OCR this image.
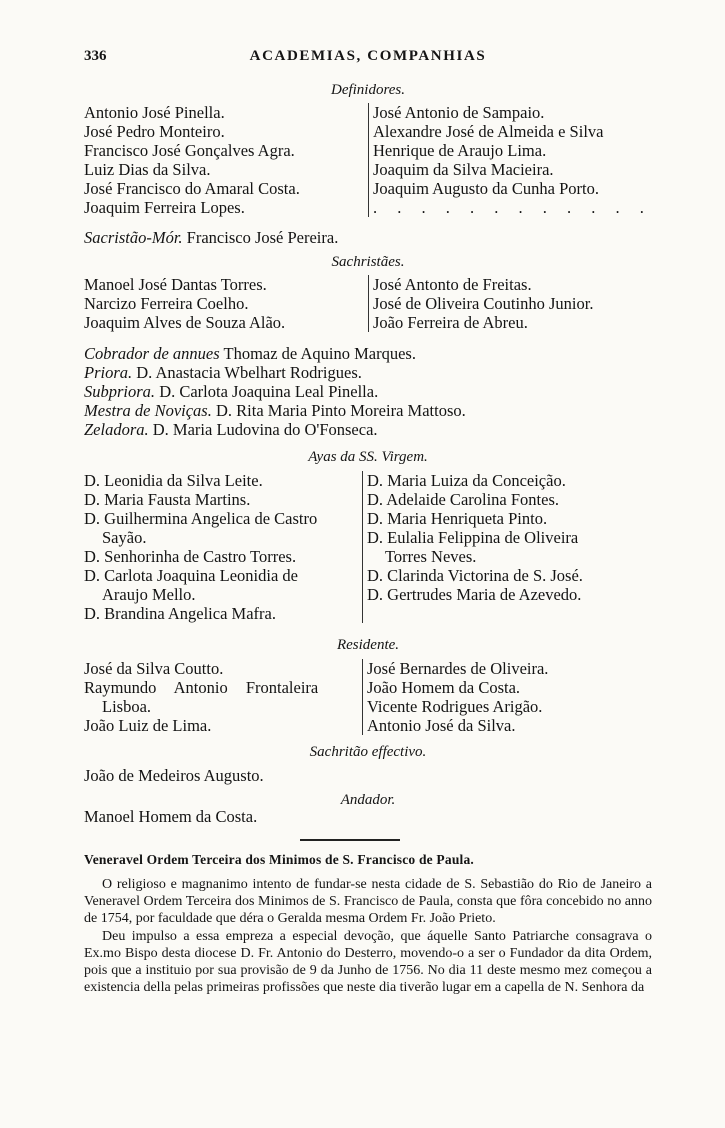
336	ACADEMIAS, COMPANHIAS
Definidores.
Antonio José Pinella.
José Pedro Monteiro.
Francisco José Gonçalves Agra.
Luiz Dias da Silva.
José Francisco do Amaral Costa.
Joaquim Ferreira Lopes.
José Antonio de Sampaio.
Alexandre José de Almeida e Silva
Henrique de Araujo Lima.
Joaquim da Silva Macieira.
Joaquim Augusto da Cunha Porto.
. . . . . . . . . . . .
Sacristão-Mór. Francisco José Pereira.
Sachristães.
Manoel José Dantas Torres.
Narcizo Ferreira Coelho.
Joaquim Alves de Souza Alão.
José Antonto de Freitas.
José de Oliveira Coutinho Junior.
João Ferreira de Abreu.
Cobrador de annues Thomaz de Aquino Marques.
Priora. D. Anastacia Wbelhart Rodrigues.
Subpriora. D. Carlota Joaquina Leal Pinella.
Mestra de Noviças. D. Rita Maria Pinto Moreira Mattoso.
Zeladora. D. Maria Ludovina do O'Fonseca.
Ayas da SS. Virgem.
D. Leonidia da Silva Leite.
D. Maria Fausta Martins.
D. Guilhermina Angelica de Castro
Sayão.
D. Senhorinha de Castro Torres.
D. Carlota Joaquina Leonidia de
Araujo Mello.
D. Brandina Angelica Mafra.
D. Maria Luiza da Conceição.
D. Adelaide Carolina Fontes.
D. Maria Henriqueta Pinto.
D. Eulalia Felippina de Oliveira
Torres Neves.
D. Clarinda Victorina de S. José.
D. Gertrudes Maria de Azevedo.
Residente.
José da Silva Coutto.
Raymundo Antonio Frontaleira
Lisboa.
João Luiz de Lima.
José Bernardes de Oliveira.
João Homem da Costa.
Vicente Rodrigues Arigão.
Antonio José da Silva.
Sachritão effectivo.
João de Medeiros Augusto.
Andador.
Manoel Homem da Costa.
Veneravel Ordem Terceira dos Minimos de S. Francisco de Paula.

O religioso e magnanimo intento de fundar-se nesta cidade de S. Sebastião do Rio de Janeiro a Veneravel Ordem Terceira dos Minimos de S. Francisco de Paula, consta que fôra concebido no anno de 1754, por faculdade que déra o Geralda mesma Ordem Fr. João Prieto.

Deu impulso a essa empreza a especial devoção, que áquelle Santo Patriarche consagrava o Ex.mo Bispo desta diocese D. Fr. Antonio do Desterro, movendo-o a ser o Fundador da dita Ordem, pois que a instituio por sua provisão de 9 da Junho de 1756. No dia 11 deste mesmo mez começou a existencia della pelas primeiras profissões que neste dia tiverão lugar em a capella de N. Senhora da
